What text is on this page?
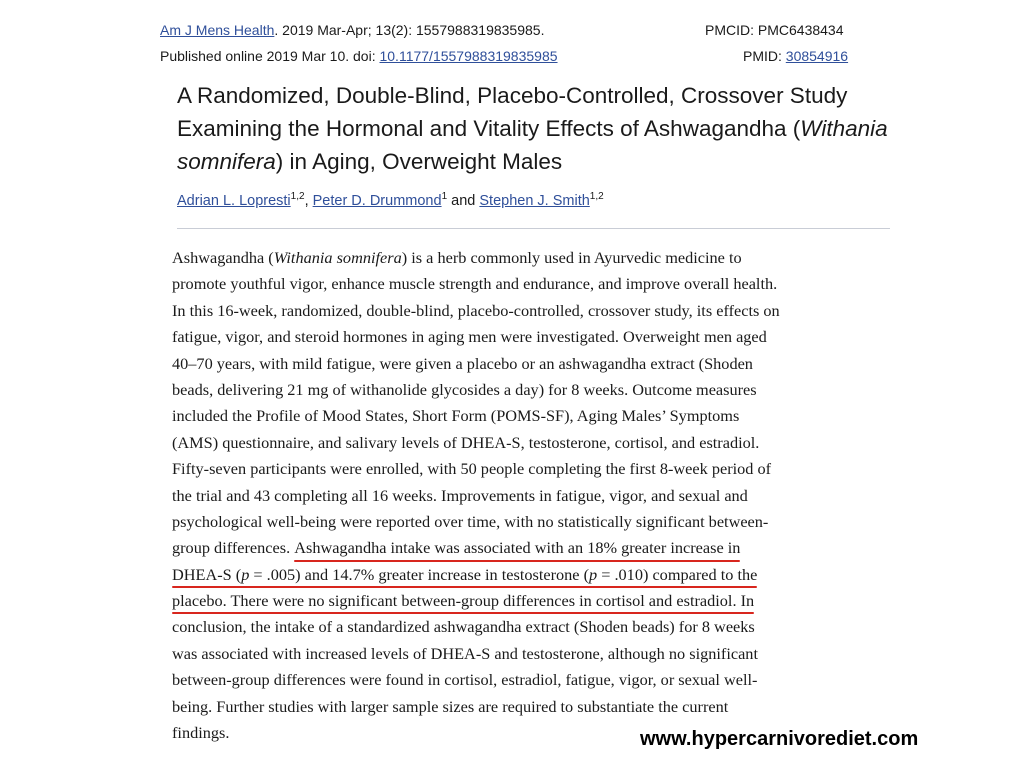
Am J Mens Health. 2019 Mar-Apr; 13(2): 1557988319835985.	PMCID: PMC6438434
Published online 2019 Mar 10. doi: 10.1177/1557988319835985	PMID: 30854916
A Randomized, Double-Blind, Placebo-Controlled, Crossover Study Examining the Hormonal and Vitality Effects of Ashwagandha (Withania somnifera) in Aging, Overweight Males
Adrian L. Lopresti$^{1,2}$, Peter D. Drummond$^1$ and Stephen J. Smith$^{1,2}$
Ashwagandha (Withania somnifera) is a herb commonly used in Ayurvedic medicine to
promote youthful vigor, enhance muscle strength and endurance, and improve overall health.
In this 16-week, randomized, double-blind, placebo-controlled, crossover study, its effects on
fatigue, vigor, and steroid hormones in aging men were investigated. Overweight men aged
40–70 years, with mild fatigue, were given a placebo or an ashwagandha extract (Shoden
beads, delivering 21 mg of withanolide glycosides a day) for 8 weeks. Outcome measures
included the Profile of Mood States, Short Form (POMS-SF), Aging Males’ Symptoms
(AMS) questionnaire, and salivary levels of DHEA-S, testosterone, cortisol, and estradiol.
Fifty-seven participants were enrolled, with 50 people completing the first 8-week period of
the trial and 43 completing all 16 weeks. Improvements in fatigue, vigor, and sexual and
psychological well-being were reported over time, with no statistically significant between-
group differences. Ashwagandha intake was associated with an 18% greater increase in
DHEA-S (p = .005) and 14.7% greater increase in testosterone (p = .010) compared to the
placebo. There were no significant between-group differences in cortisol and estradiol. In
conclusion, the intake of a standardized ashwagandha extract (Shoden beads) for 8 weeks
was associated with increased levels of DHEA-S and testosterone, although no significant
between-group differences were found in cortisol, estradiol, fatigue, vigor, or sexual well-
being. Further studies with larger sample sizes are required to substantiate the current
findings.	www.hypercarnivorediet.com
